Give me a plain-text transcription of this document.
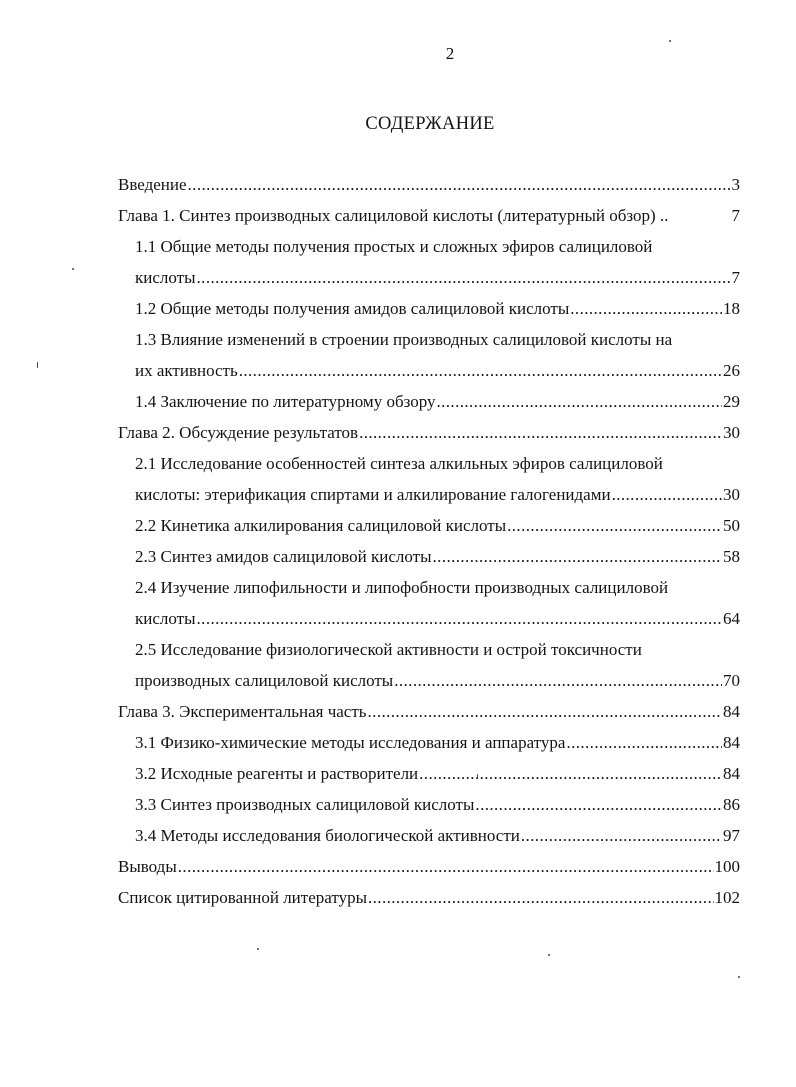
2
СОДЕРЖАНИЕ
Введение .....	3
Глава 1. Синтез производных салициловой кислоты (литературный обзор) ..	7
1.1 Общие методы получения простых и сложных эфиров салициловой
кислоты .....	7
1.2 Общие методы получения амидов салициловой кислоты .....	18
1.3 Влияние изменений в строении производных салициловой кислоты на
их активность .....	26
1.4 Заключение по литературному обзору .....	29
Глава 2. Обсуждение результатов .....	30
2.1 Исследование особенностей синтеза алкильных эфиров салициловой
кислоты: этерификация спиртами и алкилирование галогенидами .....	30
2.2 Кинетика алкилирования салициловой кислоты .....	50
2.3 Синтез амидов салициловой кислоты .....	58
2.4 Изучение липофильности и липофобности производных салициловой
кислоты .....	64
2.5 Исследование физиологической активности и острой токсичности
производных салициловой кислоты .....	70
Глава 3. Экспериментальная часть .....	84
3.1 Физико-химические методы исследования и аппаратура .....	84
3.2 Исходные реагенты и растворители .....	84
3.3 Синтез производных салициловой кислоты .....	86
3.4 Методы исследования биологической активности .....	97
Выводы .....	100
Список цитированной литературы .....	102
